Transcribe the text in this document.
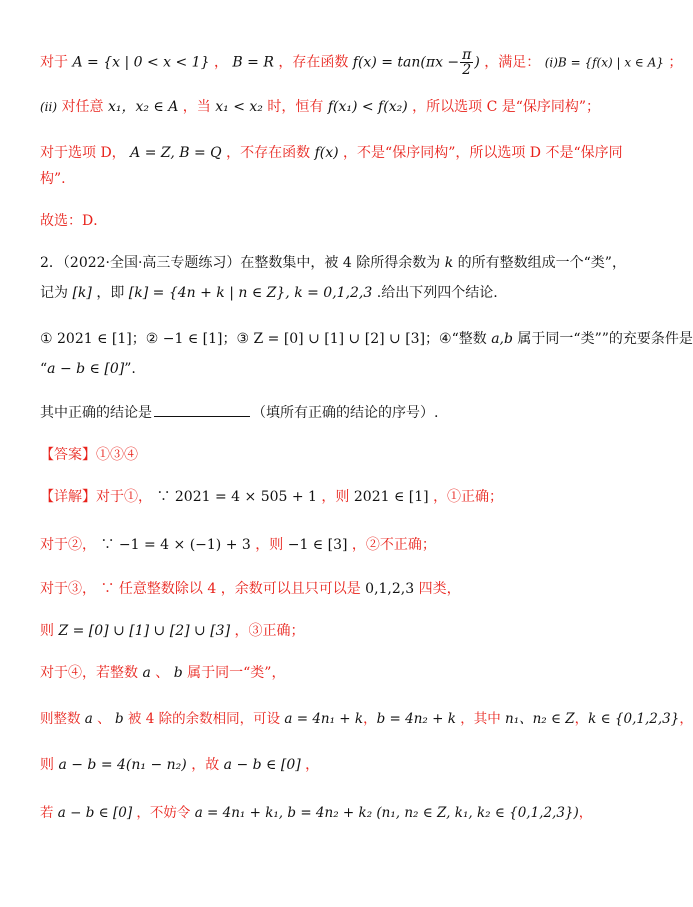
对于 A = {x | 0 < x < 1} ， B = R ，存在函数 $f(x) = \tan(\pi x - \frac{\pi}{2}$ ) ，满足： (i)B = {f(x) | x ∈ A} ；
(ii) 对任意 x₁，x₂ ∈ A ，当 x₁ < x₂ 时，恒有 f(x₁) < f(x₂) ，所以选项 C 是“保序同构”；
对于选项 D， A = Z, B = Q ，不存在函数 f(x) ，不是“保序同构”，所以选项 D 不是“保序同
构”.
故选：D．
2．（2022·全国·高三专题练习）在整数集中，被 4 除所得余数为 k 的所有整数组成一个“类”，
记为 [k] ，即 [k] = {4n + k | n ∈ Z}, k = 0,1,2,3 .给出下列四个结论.
① 2021 ∈ [1]；② −1 ∈ [1]；③ Z = [0] ∪ [1] ∪ [2] ∪ [3]；④“整数 a,b 属于同一“类””的充要条件是
“a − b ∈ [0]”.
其中正确的结论是	（填所有正确的结论的序号）.
【答案】①③④
【详解】对于①， ∵ 2021 = 4 × 505 + 1 ，则 2021 ∈ [1] ，①正确；
对于②， ∵ −1 = 4 × (−1) + 3 ，则 −1 ∈ [3] ，②不正确；
对于③， ∵ 任意整数除以 4 ，余数可以且只可以是 0,1,2,3 四类，
则 Z = [0] ∪ [1] ∪ [2] ∪ [3] ，③正确；
对于④，若整数 a 、 b 属于同一“类”，
则整数 a 、 b 被 4 除的余数相同，可设 a = 4n₁ + k，b = 4n₂ + k ，其中 n₁、n₂ ∈ Z，k ∈ {0,1,2,3}，
则 a − b = 4(n₁ − n₂) ，故 a − b ∈ [0] ，
若 a − b ∈ [0] ，不妨令 a = 4n₁ + k₁, b = 4n₂ + k₂ (n₁, n₂ ∈ Z, k₁, k₂ ∈ {0,1,2,3})，
